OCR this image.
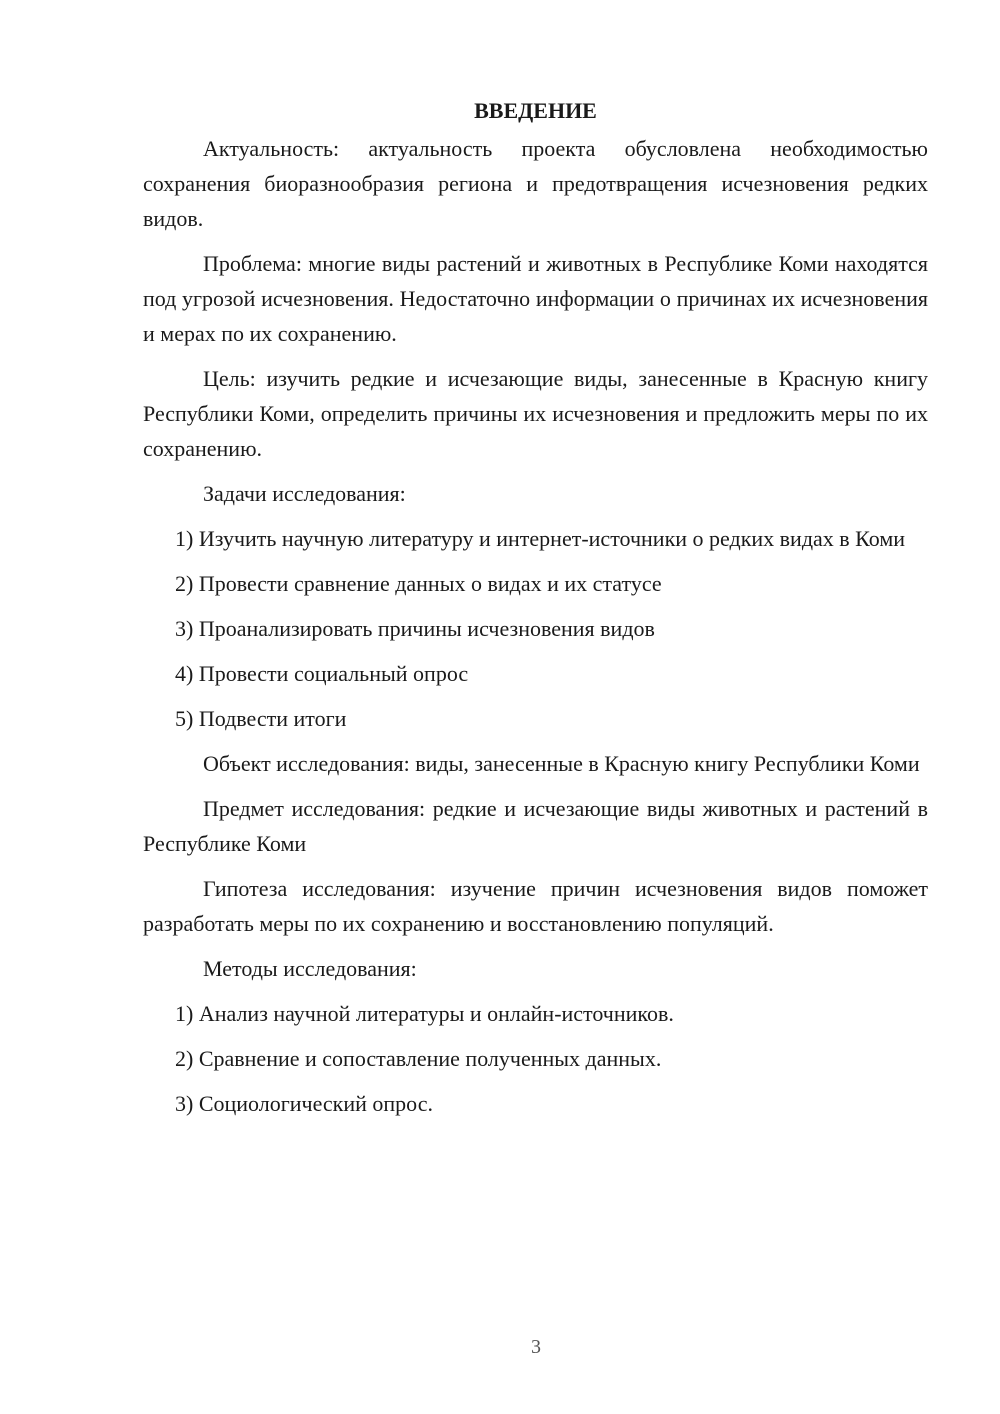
ВВЕДЕНИЕ

Актуальность: актуальность проекта обусловлена необходимостью сохранения биоразнообразия региона и предотвращения исчезновения редких видов.

Проблема: многие виды растений и животных в Республике Коми находятся под угрозой исчезновения. Недостаточно информации о причинах их исчезновения и мерах по их сохранению.

Цель: изучить редкие и исчезающие виды, занесенные в Красную книгу Республики Коми, определить причины их исчезновения и предложить меры по их сохранению.

Задачи исследования:

1) Изучить научную литературу и интернет-источники о редких видах в Коми

2) Провести сравнение данных о видах и их статусе

3) Проанализировать причины исчезновения видов

4) Провести социальный опрос

5) Подвести итоги

Объект исследования: виды, занесенные в Красную книгу Республики Коми

Предмет исследования: редкие и исчезающие виды животных и растений в Республике Коми

Гипотеза исследования: изучение причин исчезновения видов поможет разработать меры по их сохранению и восстановлению популяций.

Методы исследования:

1) Анализ научной литературы и онлайн-источников.

2) Сравнение и сопоставление полученных данных.

3) Социологический опрос.

3
